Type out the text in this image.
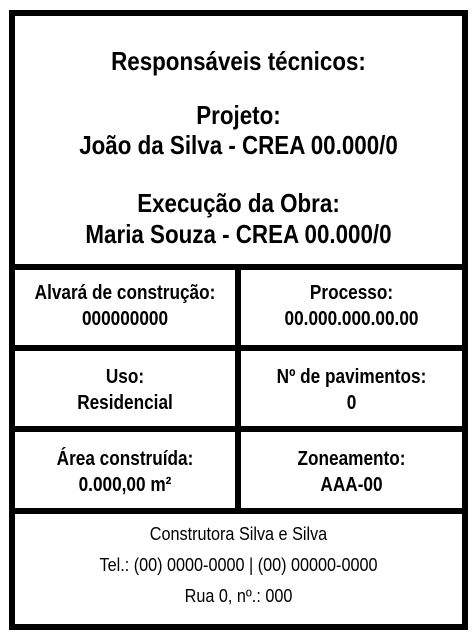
Responsáveis técnicos:
Projeto:
João da Silva - CREA 00.000/0
Execução da Obra:
Maria Souza - CREA 00.000/0
Alvará de construção:
000000000
Processo:
00.000.000.00.00
Uso:
Residencial
Nº de pavimentos:
0
Área construída:
0.000,00 m²
Zoneamento:
AAA-00
Construtora Silva e Silva
Tel.: (00) 0000-0000 | (00) 00000-0000
Rua 0, nº.: 000
